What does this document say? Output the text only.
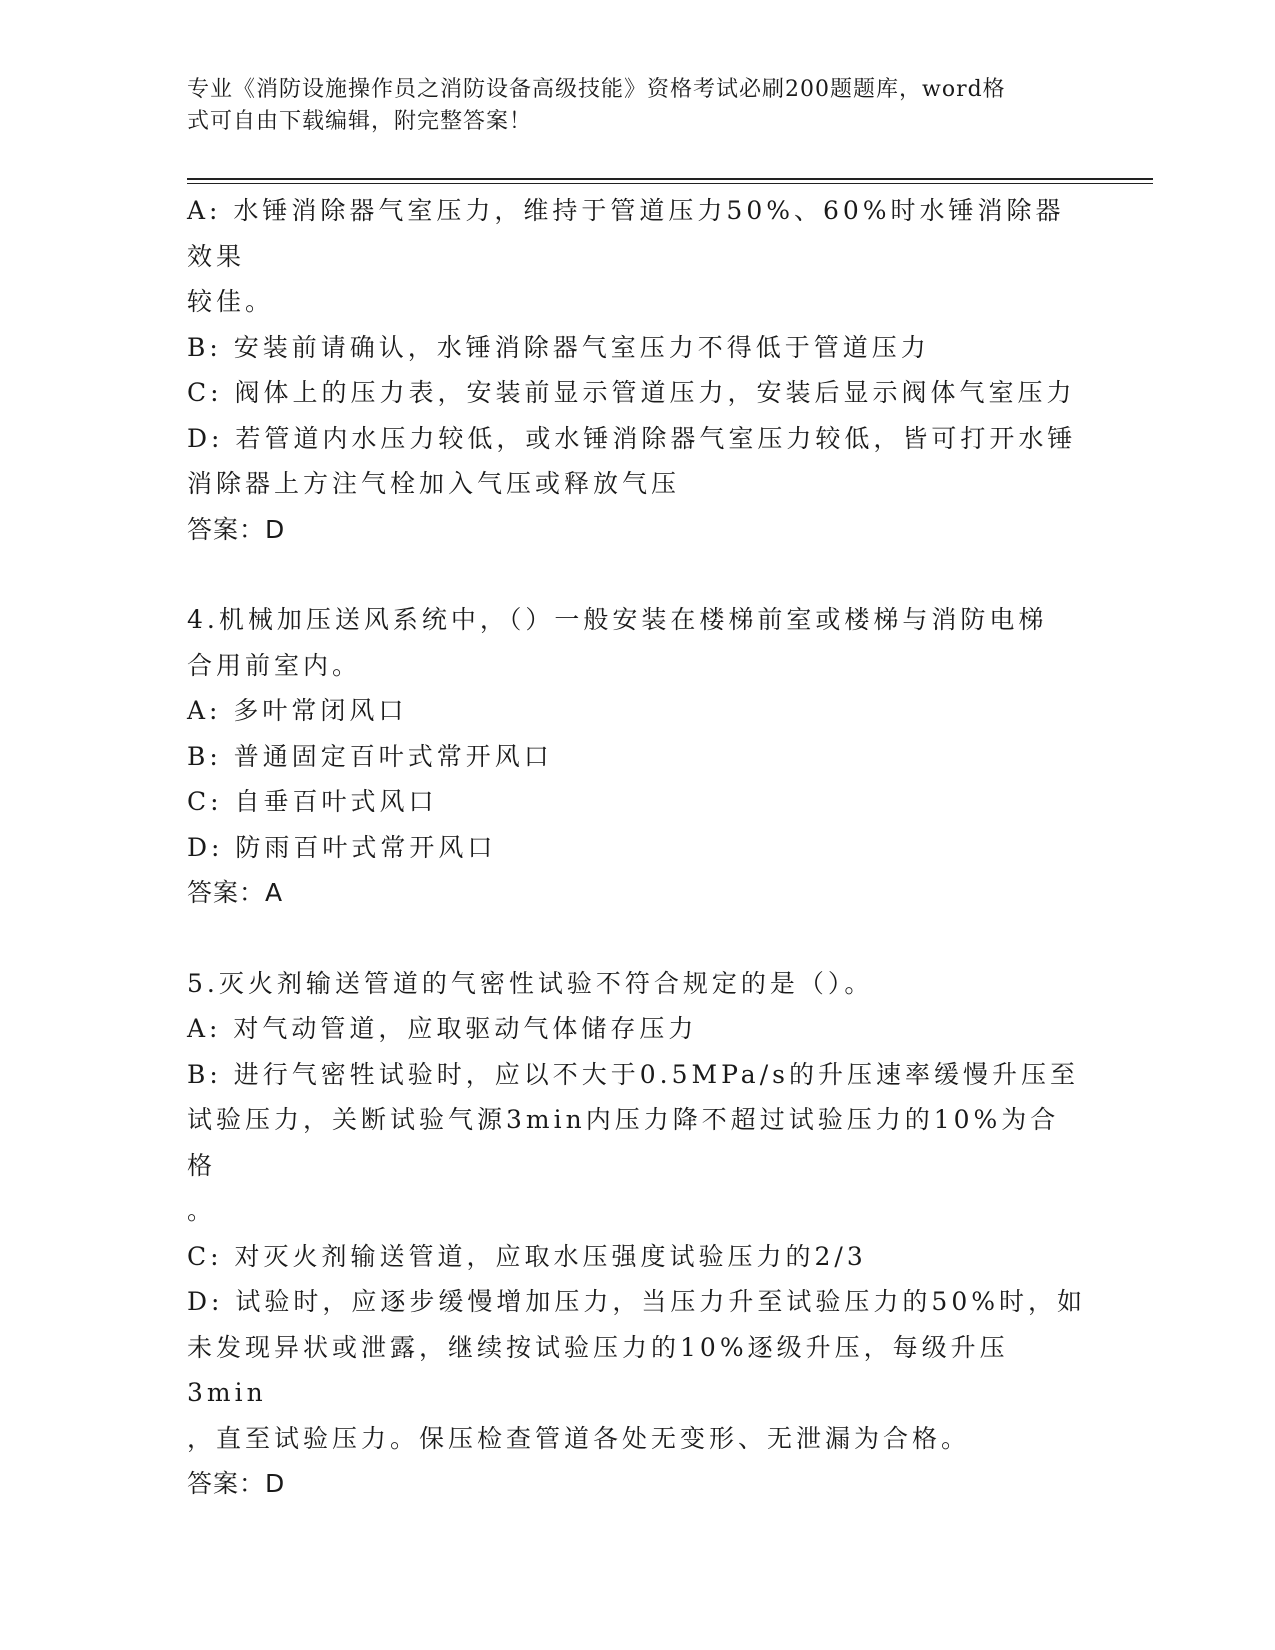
专业《消防设施操作员之消防设备高级技能》资格考试必刷200题题库，word格
式可自由下载编辑，附完整答案！
A: 水锤消除器气室压力，维持于管道压力50%、60%时水锤消除器效果
较佳。
B: 安装前请确认，水锤消除器气室压力不得低于管道压力
C: 阀体上的压力表，安装前显示管道压力，安装后显示阀体气室压力
D: 若管道内水压力较低，或水锤消除器气室压力较低，皆可打开水锤
消除器上方注气栓加入气压或释放气压
答案：D
4.机械加压送风系统中，（）一般安装在楼梯前室或楼梯与消防电梯
合用前室内。
A: 多叶常闭风口
B: 普通固定百叶式常开风口
C: 自垂百叶式风口
D: 防雨百叶式常开风口
答案：A
5.灭火剂输送管道的气密性试验不符合规定的是（）。
A: 对气动管道，应取驱动气体储存压力
B: 进行气密牲试验时，应以不大于0.5MPa/s的升压速率缓慢升压至
试验压力，关断试验气源3min内压力降不超过试验压力的10%为合格
。
C: 对灭火剂输送管道，应取水压强度试验压力的2/3
D: 试验时，应逐步缓慢增加压力，当压力升至试验压力的50%时，如
未发现异状或泄露，继续按试验压力的10%逐级升压，每级升压3min
，直至试验压力。保压检查管道各处无变形、无泄漏为合格。
答案：D
